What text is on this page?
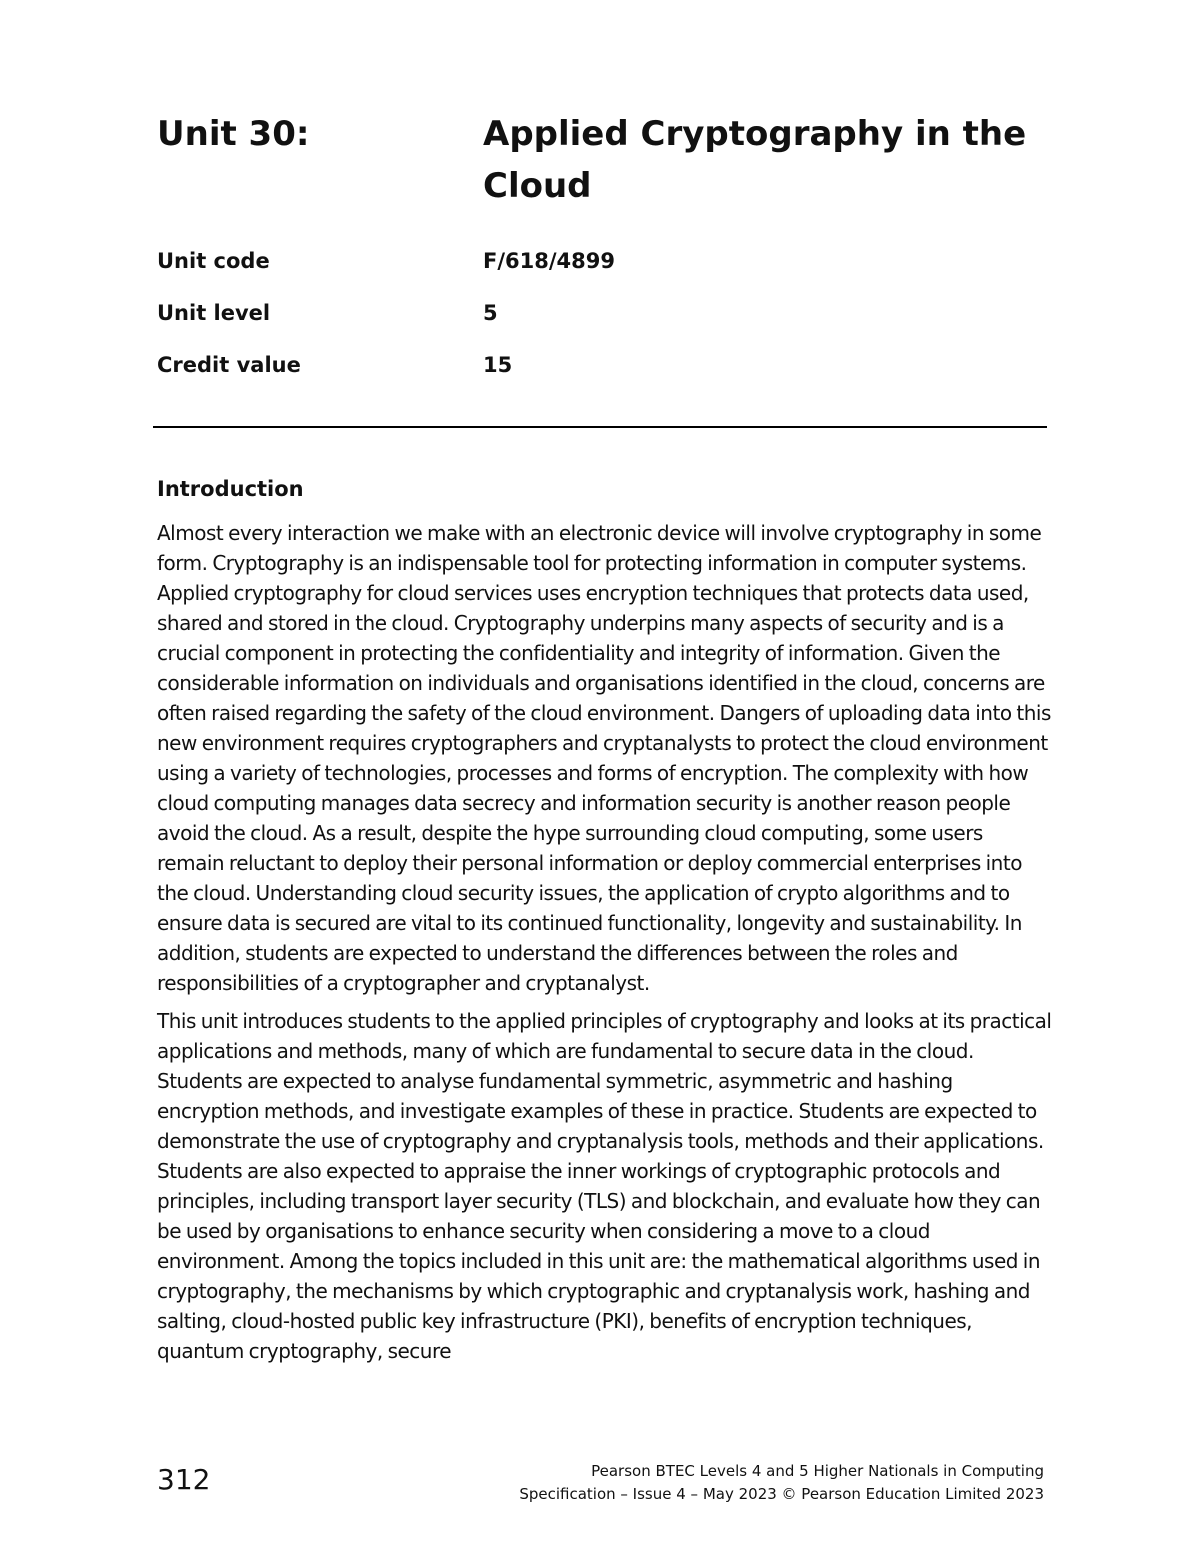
Unit 30:	Applied Cryptography in the Cloud
Unit code	F/618/4899
Unit level	5
Credit value	15
Introduction

Almost every interaction we make with an electronic device will involve cryptography in some form. Cryptography is an indispensable tool for protecting information in computer systems. Applied cryptography for cloud services uses encryption techniques that protects data used, shared and stored in the cloud. Cryptography underpins many aspects of security and is a crucial component in protecting the confidentiality and integrity of information. Given the considerable information on individuals and organisations identified in the cloud, concerns are often raised regarding the safety of the cloud environment. Dangers of uploading data into this new environment requires cryptographers and cryptanalysts to protect the cloud environment using a variety of technologies, processes and forms of encryption. The complexity with how cloud computing manages data secrecy and information security is another reason people avoid the cloud. As a result, despite the hype surrounding cloud computing, some users remain reluctant to deploy their personal information or deploy commercial enterprises into the cloud. Understanding cloud security issues, the application of crypto algorithms and to ensure data is secured are vital to its continued functionality, longevity and sustainability. In addition, students are expected to understand the differences between the roles and responsibilities of a cryptographer and cryptanalyst.

This unit introduces students to the applied principles of cryptography and looks at its practical applications and methods, many of which are fundamental to secure data in the cloud. Students are expected to analyse fundamental symmetric, asymmetric and hashing encryption methods, and investigate examples of these in practice. Students are expected to demonstrate the use of cryptography and cryptanalysis tools, methods and their applications. Students are also expected to appraise the inner workings of cryptographic protocols and principles, including transport layer security (TLS) and blockchain, and evaluate how they can be used by organisations to enhance security when considering a move to a cloud environment. Among the topics included in this unit are: the mathematical algorithms used in cryptography, the mechanisms by which cryptographic and cryptanalysis work, hashing and salting, cloud-hosted public key infrastructure (PKI), benefits of encryption techniques, quantum cryptography, secure

312	Pearson BTEC Levels 4 and 5 Higher Nationals in Computing
Specification – Issue 4 – May 2023 © Pearson Education Limited 2023
